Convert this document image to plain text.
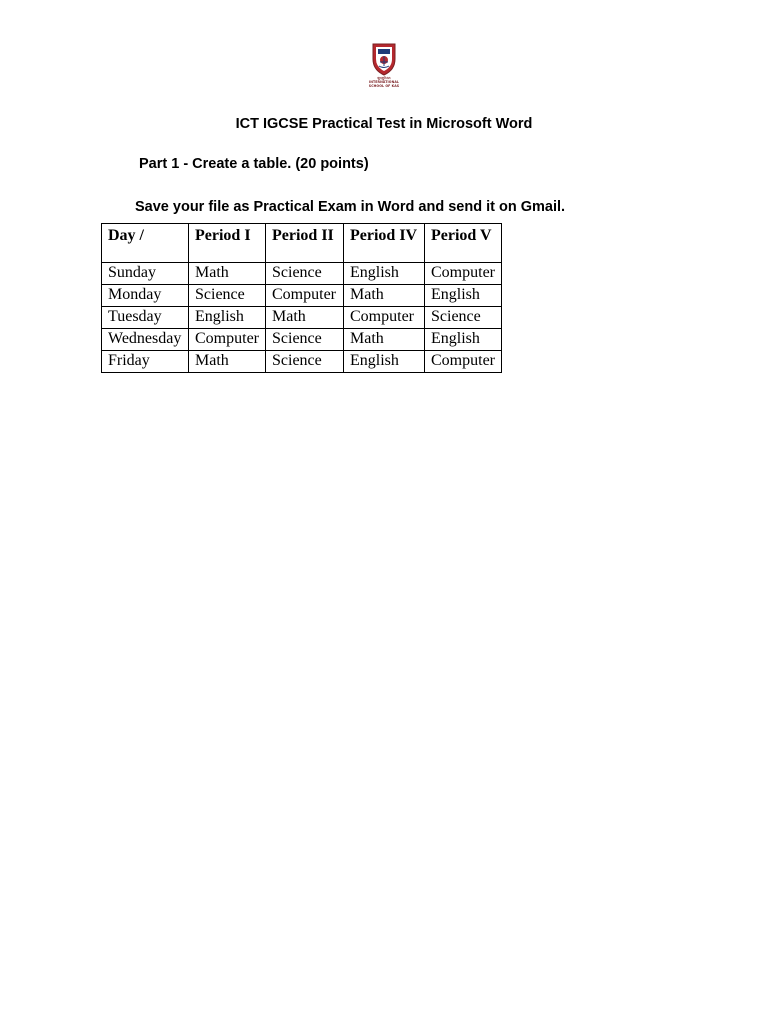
ឡាញូវ៉ាលា
INTERNATIONAL
SCHOOL OF KAS
ICT IGCSE Practical Test in Microsoft Word
Part 1 - Create a table. (20 points)
Save your file as Practical Exam in Word and send it on Gmail.
Day /	Period I	Period II	Period IV	Period V
Sunday	Math	Science	English	Computer
Monday	Science	Computer	Math	English
Tuesday	English	Math	Computer	Science
Wednesday	Computer	Science	Math	English
Friday	Math	Science	English	Computer
